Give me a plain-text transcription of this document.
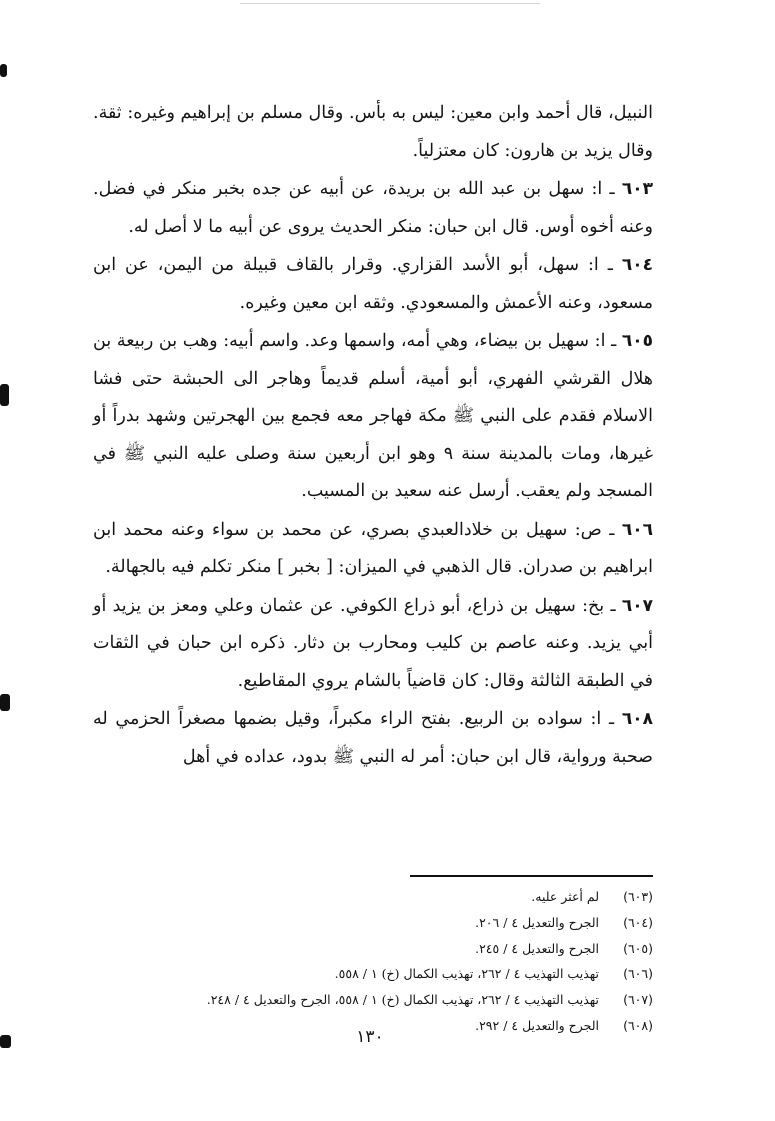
النبيل، قال أحمد وابن معين: ليس به بأس. وقال مسلم بن إبراهيم وغيره: ثقة. وقال يزيد بن هارون: كان معتزلياً.

٦٠٣ ـ ا: سهل بن عبد الله بن بريدة، عن أبيه عن جده بخبر منكر في فضل. وعنه أخوه أوس. قال ابن حبان: منكر الحديث يروى عن أبيه ما لا أصل له.

٦٠٤ ـ ا: سهل، أبو الأسد القزاري. وقرار بالقاف قبيلة من اليمن، عن ابن مسعود، وعنه الأعمش والمسعودي. وثقه ابن معين وغيره.

٦٠٥ ـ ا: سهيل بن بيضاء، وهي أمه، واسمها وعد. واسم أبيه: وهب بن ربيعة بن هلال القرشي الفهري، أبو أمية، أسلم قديماً وهاجر الى الحبشة حتى فشا الاسلام فقدم على النبي ﷺ مكة فهاجر معه فجمع بين الهجرتين وشهد بدراً أو غيرها، ومات بالمدينة سنة ٩ وهو ابن أربعين سنة وصلى عليه النبي ﷺ في المسجد ولم يعقب. أرسل عنه سعيد بن المسيب.

٦٠٦ ـ ص: سهيل بن خلادالعبدي بصري، عن محمد بن سواء وعنه محمد ابن ابراهيم بن صدران. قال الذهبي في الميزان: [ بخبر ] منكر تكلم فيه بالجهالة.

٦٠٧ ـ بخ: سهيل بن ذراع، أبو ذراع الكوفي. عن عثمان وعلي ومعز بن يزيد أو أبي يزيد. وعنه عاصم بن كليب ومحارب بن دثار. ذكره ابن حبان في الثقات في الطبقة الثالثة وقال: كان قاضياً بالشام يروي المقاطيع.

٦٠٨ ـ ا: سواده بن الربيع. بفتح الراء مكبراً، وقيل بضمها مصغراً الحزمي له صحبة ورواية، قال ابن حبان: أمر له النبي ﷺ بدود، عداده في أهل

(٦٠٣)لم أعثر عليه.
(٦٠٤)الجرح والتعديل ٤ / ٢٠٦.
(٦٠٥)الجرح والتعديل ٤ / ٢٤٥.
(٦٠٦)تهذيب التهذيب ٤ / ٢٦٢، تهذيب الكمال (خ) ١ / ٥٥٨.
(٦٠٧)تهذيب التهذيب ٤ / ٢٦٢، تهذيب الكمال (خ) ١ / ٥٥٨، الجرح والتعديل ٤ / ٢٤٨.
(٦٠٨)الجرح والتعديل ٤ / ٢٩٢.
١٣٠
